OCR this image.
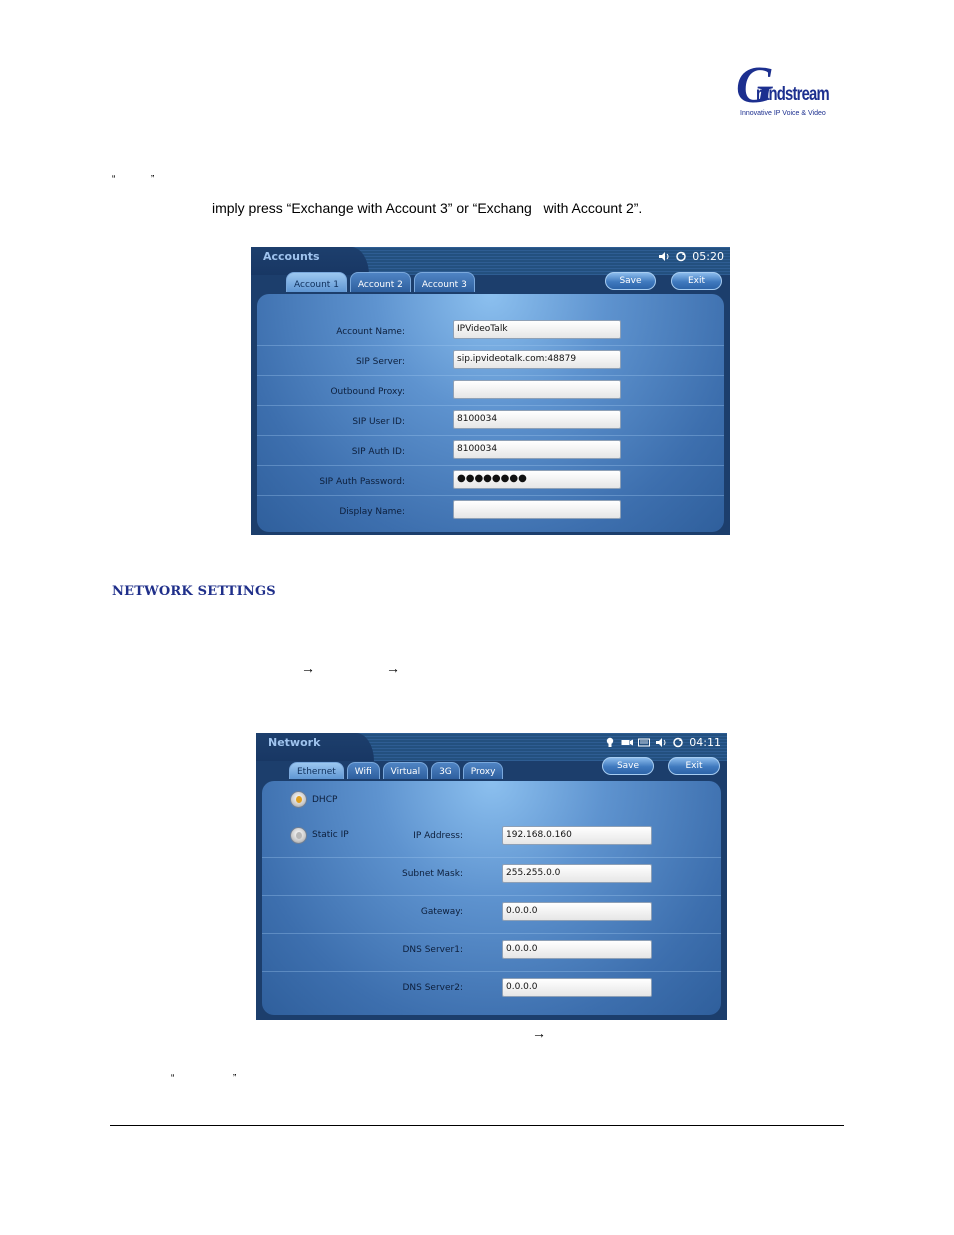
G
randstream
Innovative IP Voice & Video
“	”
imply press “Exchange with Account 3” or “Exchang   with Account 2”.
Accounts	05:20
Account 1	Account 2	Account 3	Save	Exit
Account Name:	IPVideoTalk
SIP Server:	sip.ipvideotalk.com:48879
Outbound Proxy:
SIP User ID:	8100034
SIP Auth ID:	8100034
SIP Auth Password:	●●●●●●●●
Display Name:
NETWORK SETTINGS
→	→
Network	04:11
Ethernet	Wifi	Virtual	3G	Proxy
Save	Exit
DHCP
Static IP	IP Address:	192.168.0.160
Subnet Mask:	255.255.0.0
Gateway:	0.0.0.0
DNS Server1:	0.0.0.0
DNS Server2:	0.0.0.0
→
“	”
